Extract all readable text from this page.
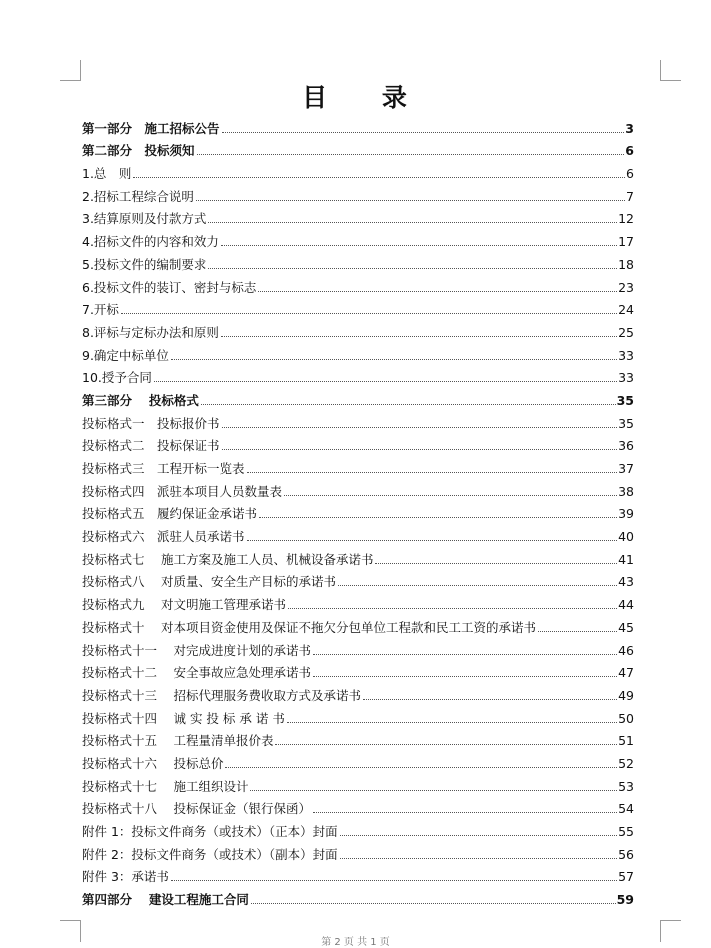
目 录
第一部分　施工招标公告	3
第二部分　投标须知	6
1.总　则	6
2.招标工程综合说明	7
3.结算原则及付款方式	12
4.招标文件的内容和效力	17
5.投标文件的编制要求	18
6.投标文件的装订、密封与标志	23
7.开标	24
8.评标与定标办法和原则	25
9.确定中标单位	33
10.授予合同	33
第三部分　 投标格式	35
投标格式一　投标报价书	35
投标格式二　投标保证书	36
投标格式三　工程开标一览表	37
投标格式四　派驻本项目人员数量表	38
投标格式五　履约保证金承诺书	39
投标格式六　派驻人员承诺书	40
投标格式七　 施工方案及施工人员、机械设备承诺书	41
投标格式八　 对质量、安全生产目标的承诺书	43
投标格式九　 对文明施工管理承诺书	44
投标格式十　 对本项目资金使用及保证不拖欠分包单位工程款和民工工资的承诺书	45
投标格式十一　 对完成进度计划的承诺书	46
投标格式十二　 安全事故应急处理承诺书	47
投标格式十三　 招标代理服务费收取方式及承诺书	49
投标格式十四　 诚 实 投 标 承 诺 书	50
投标格式十五　 工程量清单报价表	51
投标格式十六　 投标总价	52
投标格式十七　 施工组织设计	53
投标格式十八　 投标保证金（银行保函）	54
附件 1：投标文件商务（或技术）（正本）封面	55
附件 2：投标文件商务（或技术）（副本）封面	56
附件 3：承诺书	57
第四部分　 建设工程施工合同	59
第 2 页 共 1 页
